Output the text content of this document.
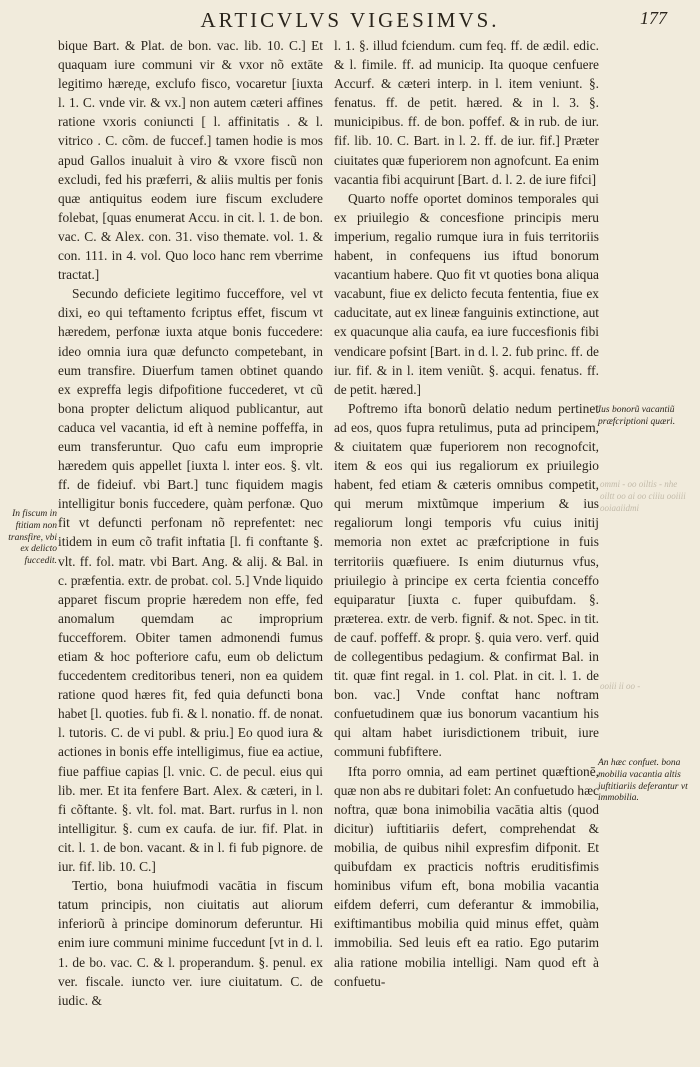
ARTICVLVS VIGESIMVS.	177

bique Bart. & Plat. de bon. vac. lib. 10. C.] Et quaquam iure communi vir & vxor nõ extāte legitimo hæreде, exclufo fisco, vocaretur [iuxta l. 1. C. vnde vir. & vx.] non autem cæteri affines ratione vxoris coniuncti [ l. affinitatis . & l. vitrico . C. cõm. de fuccef.] tamen hodie is mos apud Gallos inualuit à viro & vxore fiscũ non excludi, fed his præferri, & aliis multis per fonis quæ antiquitus eodem iure fiscum excludere folebat, [quas enumerat Accu. in cit. l. 1. de bon. vac. C. & Alex. con. 31. viso themate. vol. 1. & con. 111. in 4. vol. Quo loco hanc rem vberrime tractat.]

Secundo deficiete legitimo fucceffore, vel vt dixi, eo qui teftamento fcriptus effet, fiscum vt hæredem, perfonæ iuxta atque bonis fuccedere: ideo omnia iura quæ defuncto competebant, in eum transfire. Diuerfum tamen obtinet quando ex expreffa legis difpofitione fuccederet, vt cũ bona propter delictum aliquod publicantur, aut caduca vel vacantia, id eft à nemine poffeffa, in eum transferuntur. Quo cafu eum improprie hæredem quis appellet [iuxta l. inter eos. §. vlt. ff. de fideiuf. vbi Bart.] tunc fiquidem magis intelligitur bonis fuccedere, quàm perfonæ. Quo fit vt defuncti perfonam nõ reprefentet: nec itidem in eum cõ trafit inftatia [l. fi conftante §. vlt. ff. fol. matr. vbi Bart. Ang. & alij. & Bal. in c. præfentia. extr. de probat. col. 5.] Vnde liquido apparet fiscum proprie hæredem non effe, fed anomalum quemdam ac improprium fuccefforem. Obiter tamen admonendi fumus etiam & hoc pofteriore cafu, eum ob delictum fuccedentem creditoribus teneri, non ea quidem ratione quod hæres fit, fed quia defuncti bona habet [l. quoties. fub fi. & l. nonatio. ff. de nonat. l. tutoris. C. de vi publ. & priu.] Eo quod iura & actiones in bonis effe intelligimus, fiue ea actiue, fiue paffiue capias [l. vnic. C. de pecul. eius qui lib. mer. Et ita fenfere Bart. Alex. & cæteri, in l. fi cõftante. §. vlt. fol. mat. Bart. rurfus in l. non intelligitur. §. cum ex caufa. de iur. fif. Plat. in cit. l. 1. de bon. vacant. & in l. fi fub pignore. de iur. fif. lib. 10. C.]

Tertio, bona huiufmodi vacātia in fiscum tatum principis, non ciuitatis aut aliorum inferiorũ à principe dominorum deferuntur. Hi enim iure communi minime fuccedunt [vt in d. l. 1. de bo. vac. C. & l. properandum. §. penul. ex ver. fiscale. iuncto ver. iure ciuitatum. C. de iudic. &

l. 1. §. illud fciendum. cum feq. ff. de ædil. edic. & l. fimile. ff. ad municip. Ita quoque cenfuere Accurf. & cæteri interp. in l. item veniunt. §. fenatus. ff. de petit. hæred. & in l. 3. §. municipibus. ff. de bon. poffef. & in rub. de iur. fif. lib. 10. C. Bart. in l. 2. ff. de iur. fif.] Præter ciuitates quæ fuperiorem non agnofcunt. Ea enim vacantia fibi acquirunt [Bart. d. l. 2. de iure fifci]

Quarto noffe oportet dominos temporales qui ex priuilegio & concesfione principis meru imperium, regalio rumque iura in fuis territoriis habent, in confequens ius iftud bonorum vacantium habere. Quo fit vt quoties bona aliqua vacabunt, fiue ex delicto fecuta fententia, fiue ex caducitate, aut ex lineæ fanguinis extinctione, aut ex quacunque alia caufa, ea iure fuccesfionis fibi vendicare pofsint [Bart. in d. l. 2. fub princ. ff. de iur. fif. & in l. item veniũt. §. acqui. fenatus. ff. de petit. hæred.]

Poftremo ifta bonorũ delatio nedum pertinet ad eos, quos fupra retulimus, puta ad principem, & ciuitatem quæ fuperiorem non recognofcit, item & eos qui ius regaliorum ex priuilegio habent, fed etiam & cæteris omnibus competit, qui merum mixtũmque imperium & ius regaliorum longi temporis vfu cuius initij memoria non extet ac præfcriptione in fuis territoriis quæfiuere. Is enim diuturnus vfus, priuilegio à principe ex certa fcientia conceffo equiparatur [iuxta c. fuper quibufdam. §. præterea. extr. de verb. fignif. & not. Spec. in tit. de cauf. poffeff. & propr. §. quia vero. verf. quid de collegentibus pedagium. & confirmat Bal. in tit. quæ fint regal. in 1. col. Plat. in cit. l. 1. de bon. vac.] Vnde conftat hanc noftram confuetudinem quæ ius bonorum vacantium his qui altam habet iurisdictionem tribuit, iure communi fubfiftere.

Ifta porro omnia, ad eam pertinet quæftionē, quæ non abs re dubitari folet: An confuetudo hæc noftra, quæ bona inimobilia vacātia altis (quod dicitur) iuftitiariis defert, comprehendat & mobilia, de quibus nihil expresfim difponit. Et quibufdam ex practicis noftris eruditisfimis hominibus vifum eft, bona mobilia vacantia eifdem deferri, cum deferantur & immobilia, exiftimantibus mobilia quid minus effet, quàm immobilia. Sed leuis eft ea ratio. Ego putarim alia ratione mobilia intelligi. Nam quod eft à confuetu-

In fiscum in ftitiam non transfire, vbi ex delicto fuccedit.
Ius bonorũ vacantiũ præfcriptioni quæri.
An hæc confuet. bona mobilia vacantia altis iuftitiariis deferantur vt immobilia.
ommi - oo oiltis - nhe oiltt oo ai oo ciiiu ooiiii ooiaaiidmi
ooiii ii oo -
